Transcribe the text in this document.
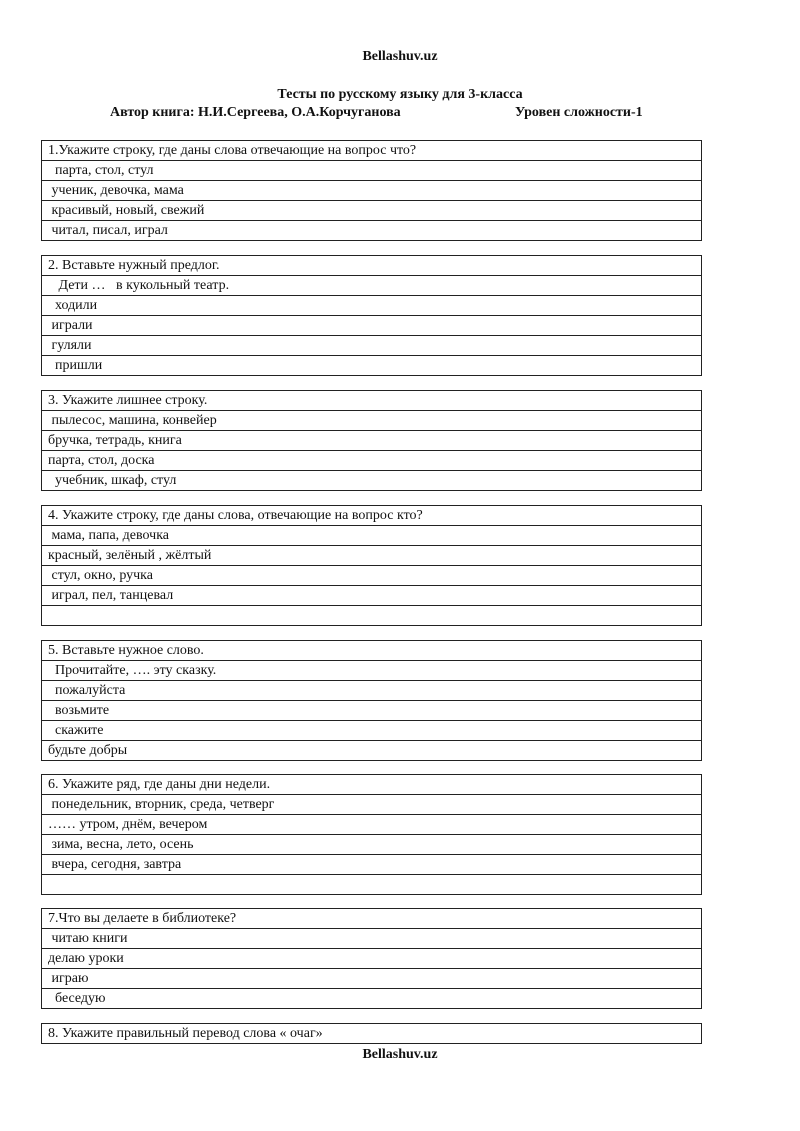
Bellashuv.uz
Тесты по русскому языку для 3-класса
Автор книга: Н.И.Сергеева, О.А.Корчуганова	Уровен сложности-1
1.Укажите строку, где даны слова отвечающие на вопрос что?
парта, стол, стул
ученик, девочка, мама
красивый, новый, свежий
читал, писал, играл
2. Вставьте нужный предлог.
Дети …   в кукольный театр.
ходили
играли
гуляли
пришли
3. Укажите лишнее строку.
пылесос, машина, конвейер
бручка, тетрадь, книга
парта, стол, доска
учебник, шкаф, стул
4. Укажите строку, где даны слова, отвечающие на вопрос кто?
мама, папа, девочка
красный, зелёный , жёлтый
стул, окно, ручка
играл, пел, танцевал
5. Вставьте нужное слово.
Прочитайте, …. эту сказку.
пожалуйста
возьмите
скажите
будьте добры
6. Укажите ряд, где даны дни недели.
понедельник, вторник, среда, четверг
…… утром, днём, вечером
зима, весна, лето, осень
вчера, сегодня, завтра
7.Что вы делаете в библиотеке?
читаю книги
делаю уроки
играю
беседую
8. Укажите правильный перевод слова « очаг»
Bellashuv.uz
